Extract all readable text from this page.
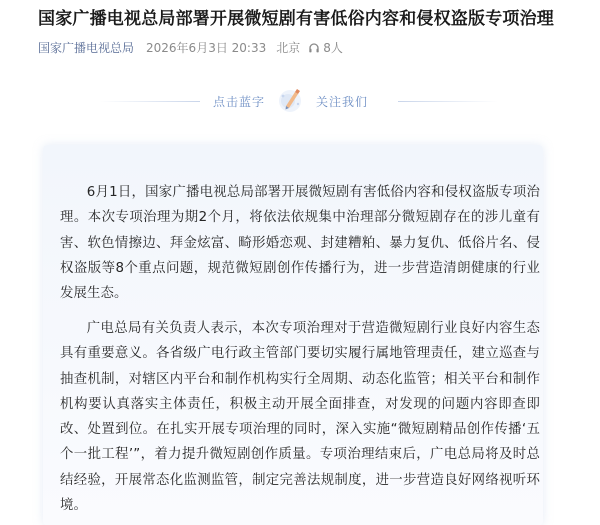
国家广播电视总局部署开展微短剧有害低俗内容和侵权盗版专项治理
国家广播电视总局 2026年6月3日 20:33 北京 8人
点击蓝字	关注我们

6月1日，国家广播电视总局部署开展微短剧有害低俗内容和侵权盗版专项治理。本次专项治理为期2个月，将依法依规集中治理部分微短剧存在的涉儿童有害、软色情擦边、拜金炫富、畸形婚恋观、封建糟粕、暴力复仇、低俗片名、侵权盗版等8个重点问题，规范微短剧创作传播行为，进一步营造清朗健康的行业发展生态。

广电总局有关负责人表示，本次专项治理对于营造微短剧行业良好内容生态具有重要意义。各省级广电行政主管部门要切实履行属地管理责任，建立巡查与抽查机制，对辖区内平台和制作机构实行全周期、动态化监管；相关平台和制作机构要认真落实主体责任，积极主动开展全面排查，对发现的问题内容即查即改、处置到位。在扎实开展专项治理的同时，深入实施“微短剧精品创作传播‘五个一批工程’”，着力提升微短剧创作质量。专项治理结束后，广电总局将及时总结经验，开展常态化监测监管，制定完善法规制度，进一步营造良好网络视听环境。
